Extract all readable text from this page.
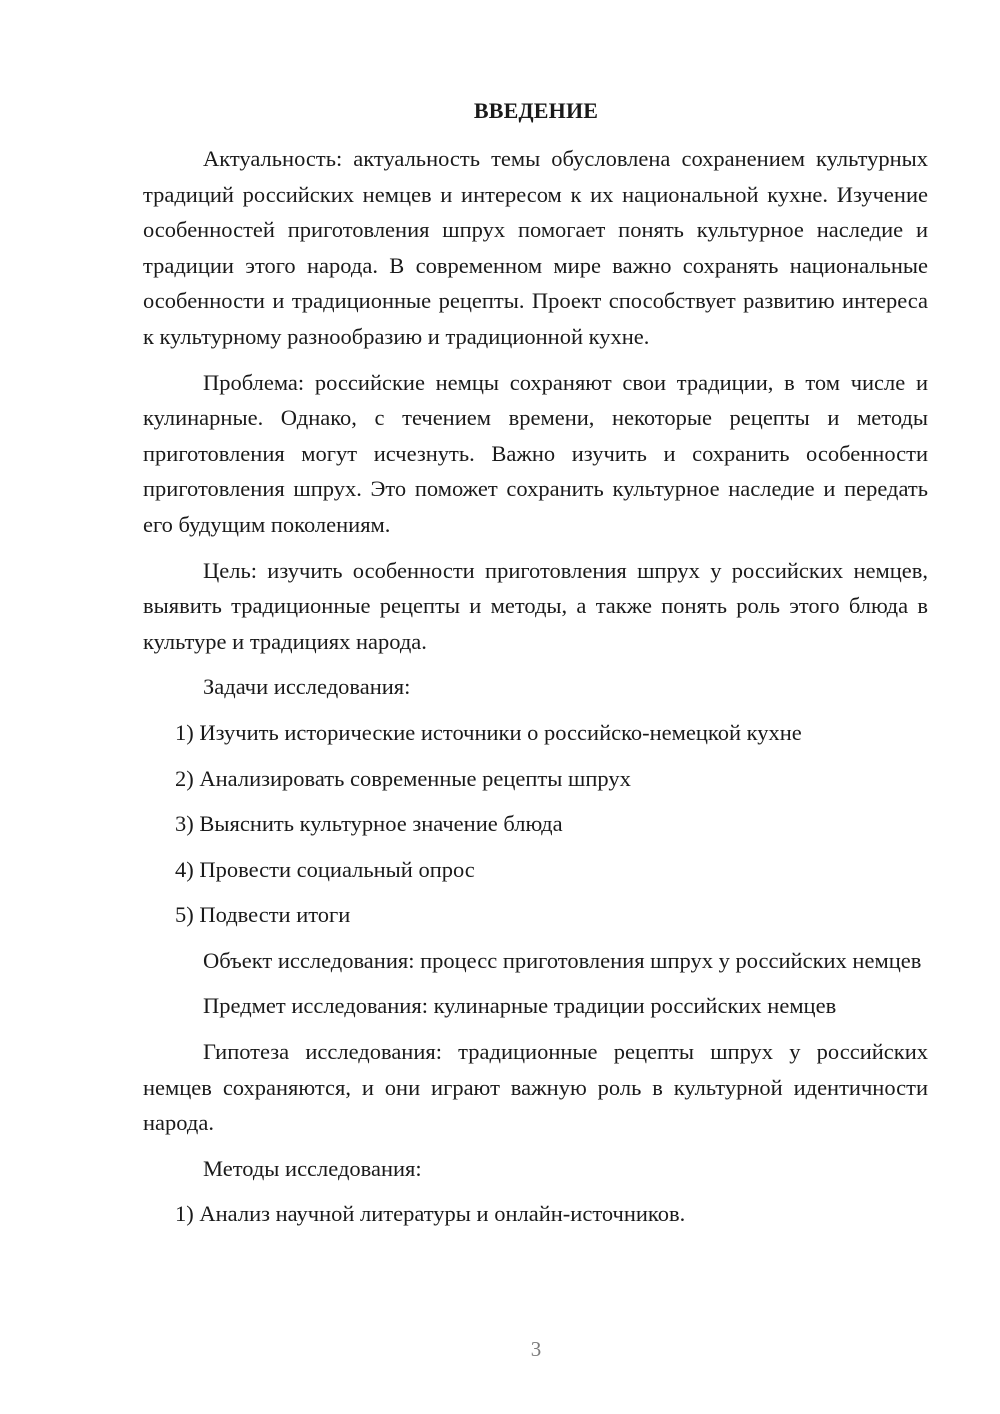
ВВЕДЕНИЕ

Актуальность: актуальность темы обусловлена сохранением культурных традиций российских немцев и интересом к их национальной кухне. Изучение особенностей приготовления шпрух помогает понять культурное наследие и традиции этого народа. В современном мире важно сохранять национальные особенности и традиционные рецепты. Проект способствует развитию интереса к культурному разнообразию и традиционной кухне.

Проблема: российские немцы сохраняют свои традиции, в том числе и кулинарные. Однако, с течением времени, некоторые рецепты и методы приготовления могут исчезнуть. Важно изучить и сохранить особенности приготовления шпрух. Это поможет сохранить культурное наследие и передать его будущим поколениям.

Цель: изучить особенности приготовления шпрух у российских немцев, выявить традиционные рецепты и методы, а также понять роль этого блюда в культуре и традициях народа.

Задачи исследования:

1) Изучить исторические источники о российско-немецкой кухне

2) Анализировать современные рецепты шпрух

3) Выяснить культурное значение блюда

4) Провести социальный опрос

5) Подвести итоги

Объект исследования: процесс приготовления шпрух у российских немцев

Предмет исследования: кулинарные традиции российских немцев

Гипотеза исследования: традиционные рецепты шпрух у российских немцев сохраняются, и они играют важную роль в культурной идентичности народа.

Методы исследования:

1) Анализ научной литературы и онлайн-источников.

3
